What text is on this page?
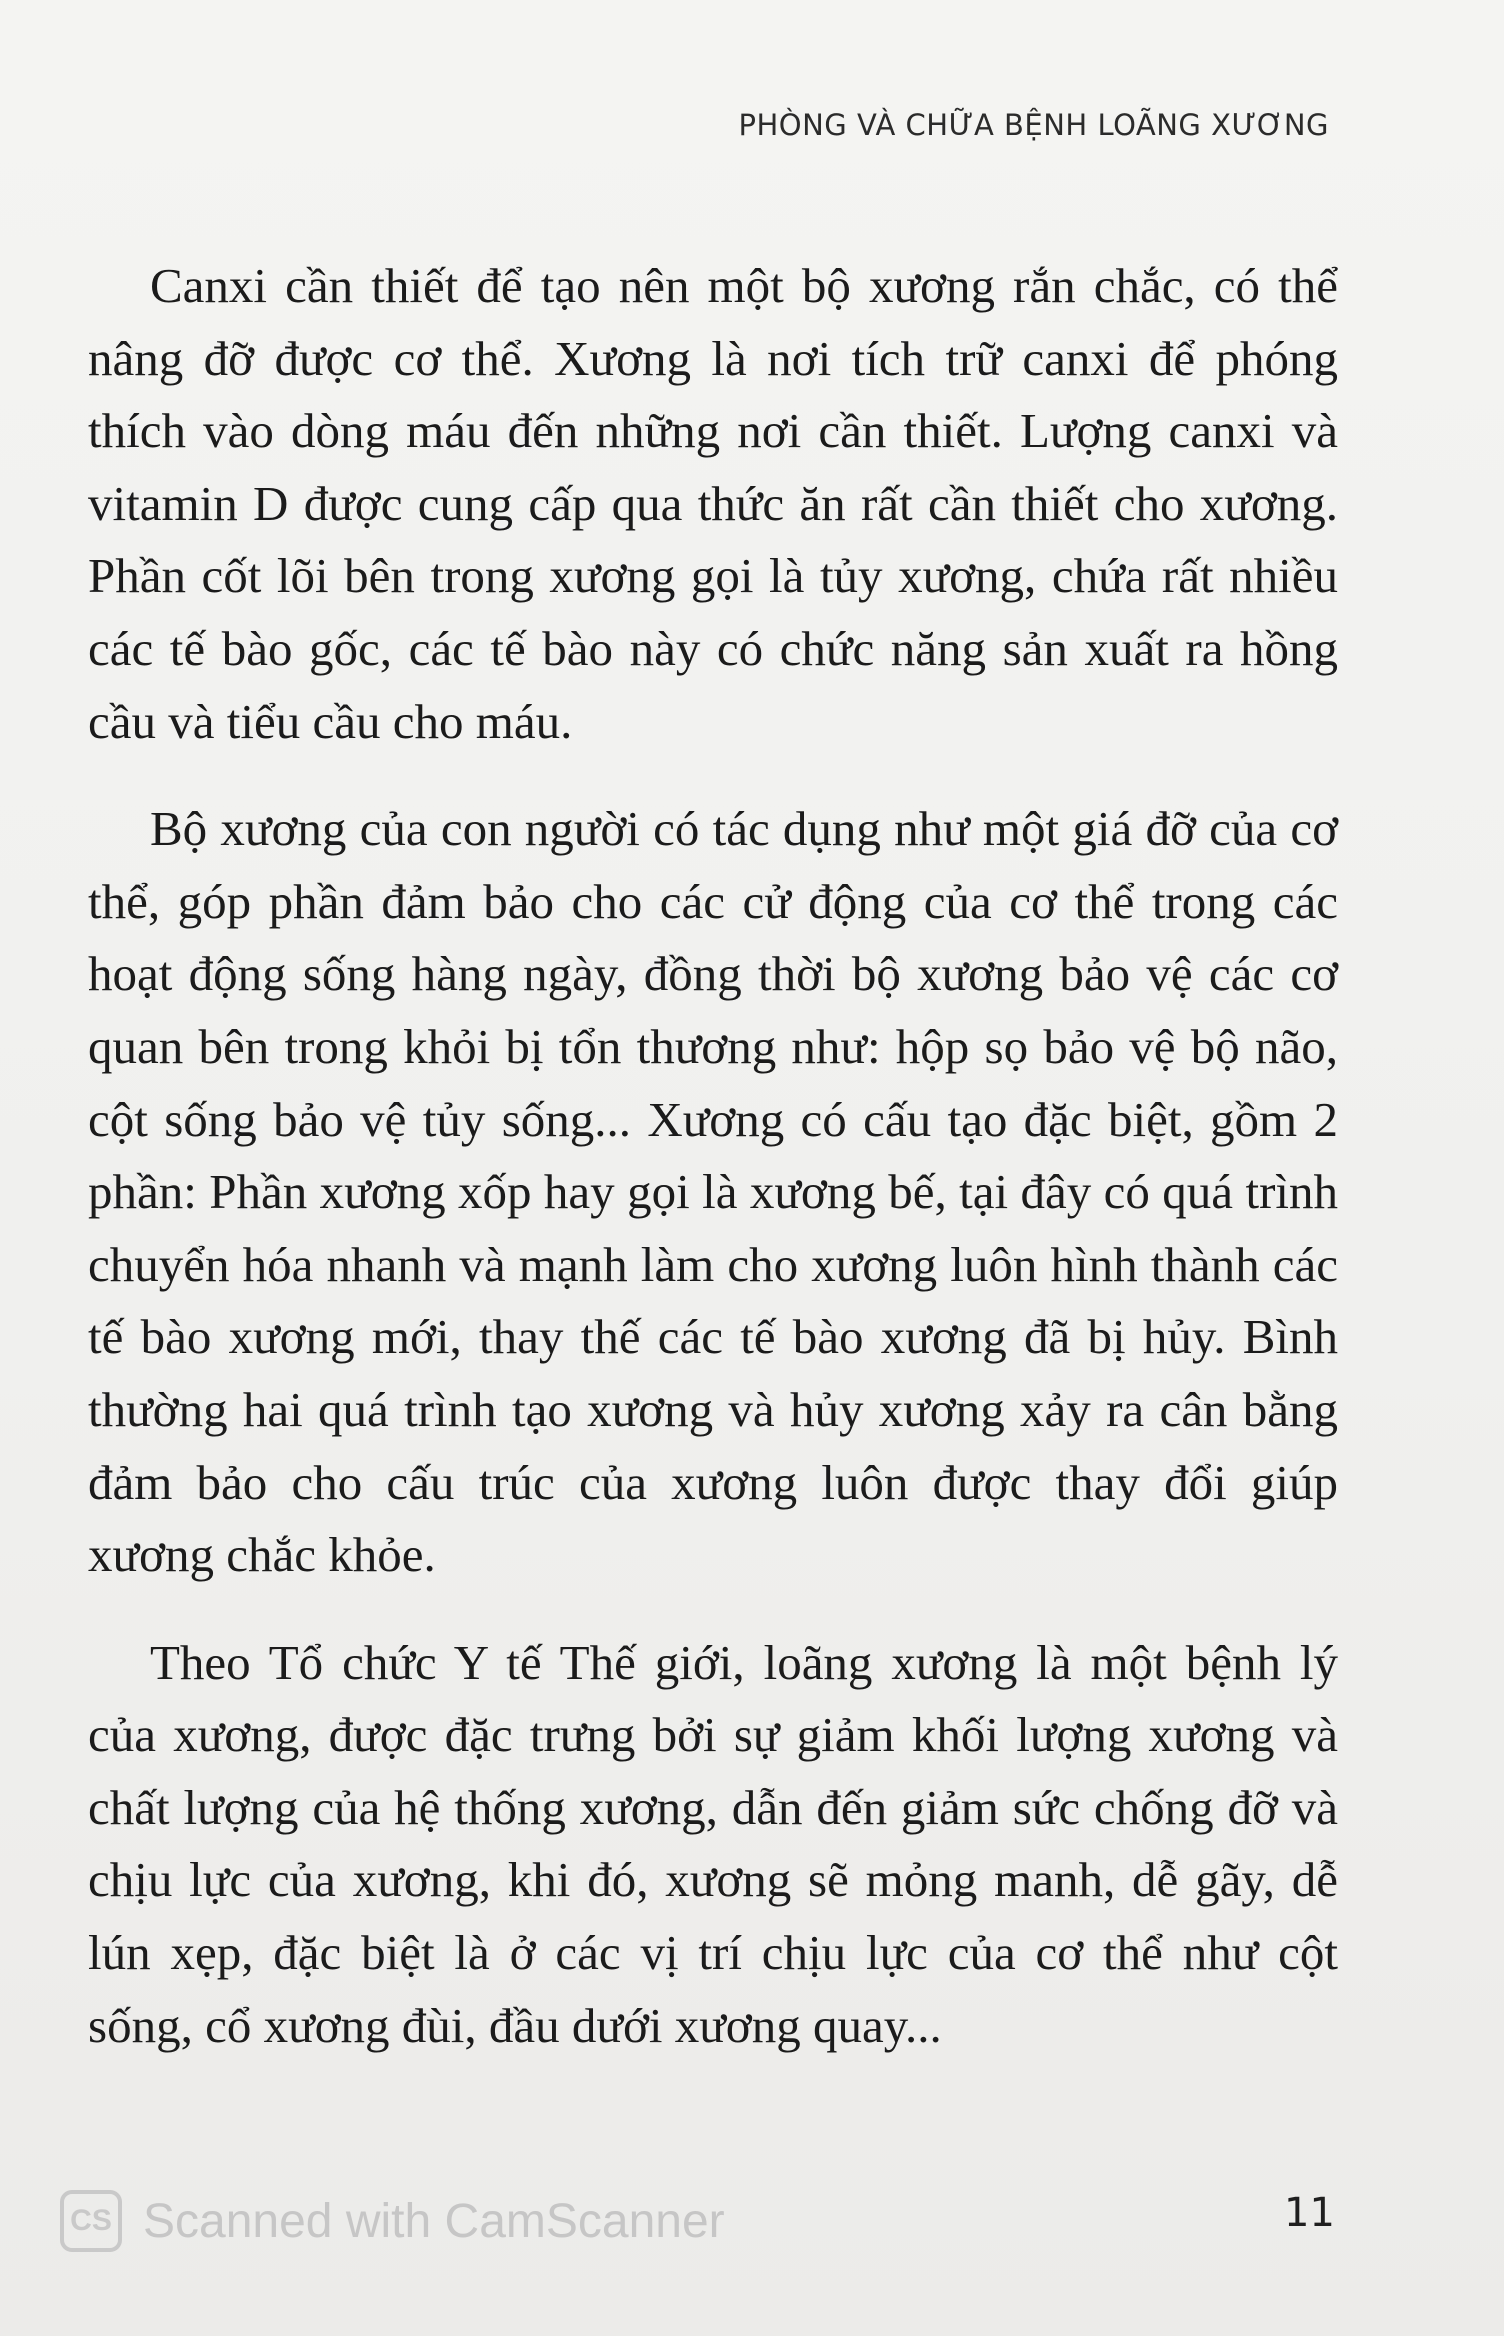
PHÒNG VÀ CHỮA BỆNH LOÃNG XƯƠNG

Canxi cần thiết để tạo nên một bộ xương rắn chắc, có thể nâng đỡ được cơ thể. Xương là nơi tích trữ canxi để phóng thích vào dòng máu đến những nơi cần thiết. Lượng canxi và vitamin D được cung cấp qua thức ăn rất cần thiết cho xương. Phần cốt lõi bên trong xương gọi là tủy xương, chứa rất nhiều các tế bào gốc, các tế bào này có chức năng sản xuất ra hồng cầu và tiểu cầu cho máu.

Bộ xương của con người có tác dụng như một giá đỡ của cơ thể, góp phần đảm bảo cho các cử động của cơ thể trong các hoạt động sống hàng ngày, đồng thời bộ xương bảo vệ các cơ quan bên trong khỏi bị tổn thương như: hộp sọ bảo vệ bộ não, cột sống bảo vệ tủy sống... Xương có cấu tạo đặc biệt, gồm 2 phần: Phần xương xốp hay gọi là xương bế, tại đây có quá trình chuyển hóa nhanh và mạnh làm cho xương luôn hình thành các tế bào xương mới, thay thế các tế bào xương đã bị hủy. Bình thường hai quá trình tạo xương và hủy xương xảy ra cân bằng đảm bảo cho cấu trúc của xương luôn được thay đổi giúp xương chắc khỏe.

Theo Tổ chức Y tế Thế giới, loãng xương là một bệnh lý của xương, được đặc trưng bởi sự giảm khối lượng xương và chất lượng của hệ thống xương, dẫn đến giảm sức chống đỡ và chịu lực của xương, khi đó, xương sẽ mỏng manh, dễ gãy, dễ lún xẹp, đặc biệt là ở các vị trí chịu lực của cơ thể như cột sống, cổ xương đùi, đầu dưới xương quay...

CS Scanned with CamScanner	11
